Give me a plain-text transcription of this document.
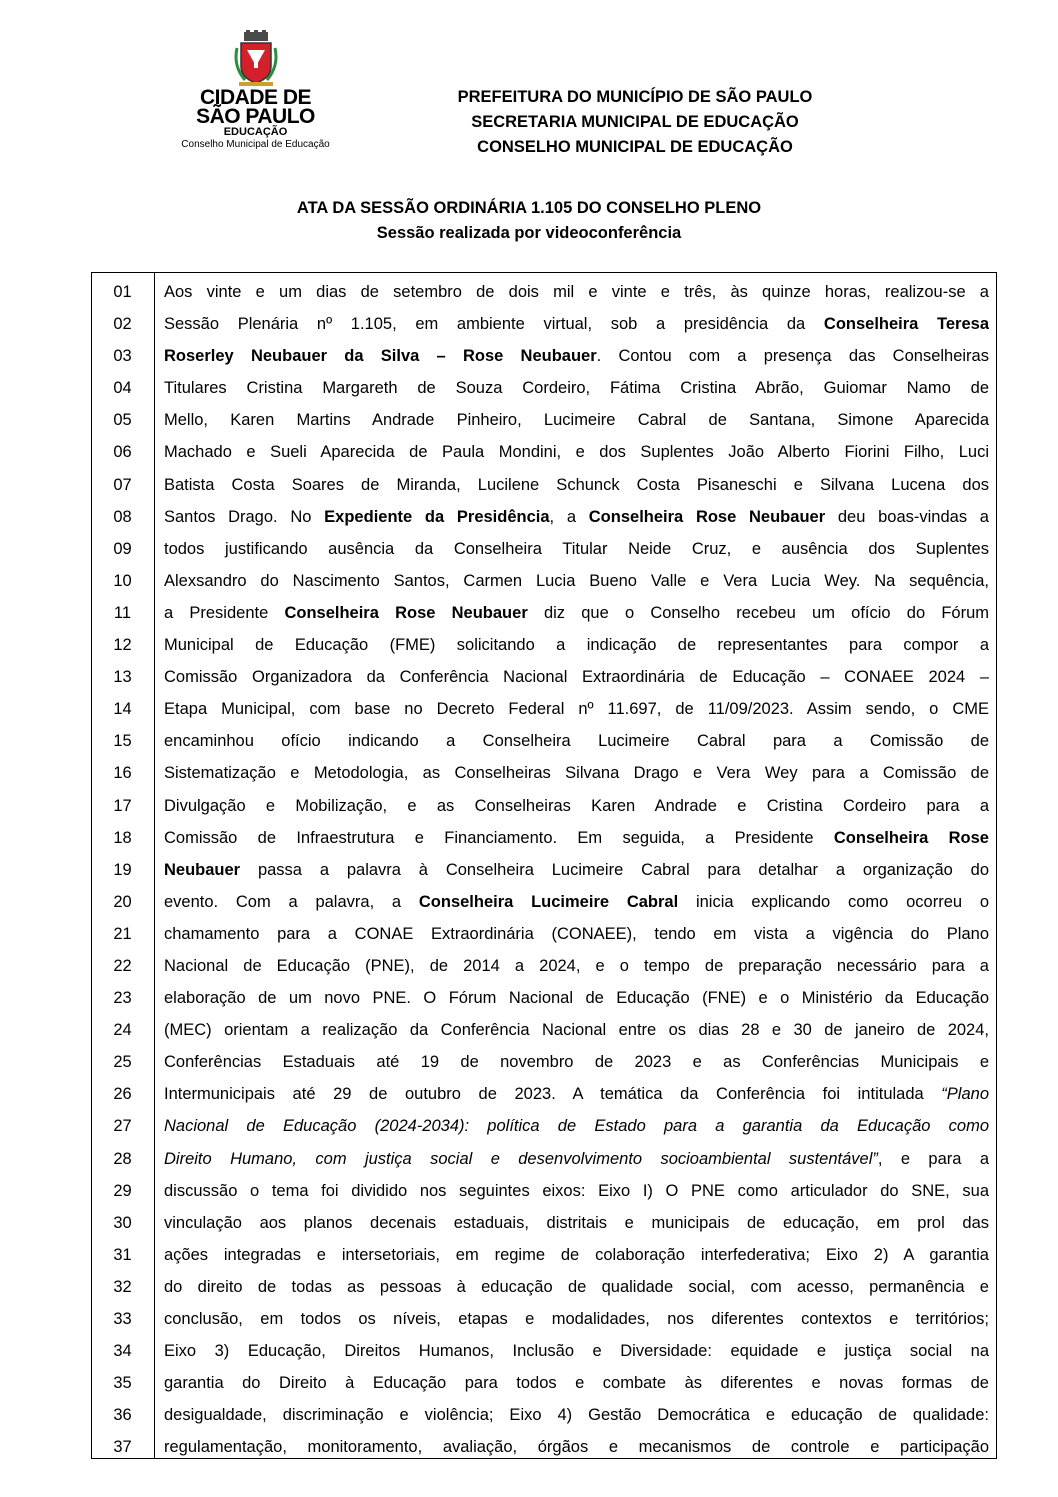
CIDADE DE
SÃO PAULO
EDUCAÇÃO
Conselho Municipal de Educação
PREFEITURA DO MUNICÍPIO DE SÃO PAULO
SECRETARIA MUNICIPAL DE EDUCAÇÃO
CONSELHO MUNICIPAL DE EDUCAÇÃO
ATA DA SESSÃO ORDINÁRIA 1.105 DO CONSELHO PLENO
Sessão realizada por videoconferência
01
02
03
04
05
06
07
08
09
10
11
12
13
14
15
16
17
18
19
20
21
22
23
24
25
26
27
28
29
30
31
32
33
34
35
36
37
Aos vinte e um dias de setembro de dois mil e vinte e três, às quinze horas, realizou-se a
Sessão Plenária nº 1.105, em ambiente virtual, sob a presidência da Conselheira Teresa
Roserley Neubauer da Silva – Rose Neubauer. Contou com a presença das Conselheiras
Titulares Cristina Margareth de Souza Cordeiro, Fátima Cristina Abrão, Guiomar Namo de
Mello, Karen Martins Andrade Pinheiro, Lucimeire Cabral de Santana, Simone Aparecida
Machado e Sueli Aparecida de Paula Mondini, e dos Suplentes João Alberto Fiorini Filho, Luci
Batista Costa Soares de Miranda, Lucilene Schunck Costa Pisaneschi e Silvana Lucena dos
Santos Drago. No Expediente da Presidência, a Conselheira Rose Neubauer deu boas-vindas a
todos justificando ausência da Conselheira Titular Neide Cruz, e ausência dos Suplentes
Alexsandro do Nascimento Santos, Carmen Lucia Bueno Valle e Vera Lucia Wey. Na sequência,
a Presidente Conselheira Rose Neubauer diz que o Conselho recebeu um ofício do Fórum
Municipal de Educação (FME) solicitando a indicação de representantes para compor a
Comissão Organizadora da Conferência Nacional Extraordinária de Educação – CONAEE 2024 –
Etapa Municipal, com base no Decreto Federal nº 11.697, de 11/09/2023. Assim sendo, o CME
encaminhou ofício indicando a Conselheira Lucimeire Cabral para a Comissão de
Sistematização e Metodologia, as Conselheiras Silvana Drago e Vera Wey para a Comissão de
Divulgação e Mobilização, e as Conselheiras Karen Andrade e Cristina Cordeiro para a
Comissão de Infraestrutura e Financiamento. Em seguida, a Presidente Conselheira Rose
Neubauer passa a palavra à Conselheira Lucimeire Cabral para detalhar a organização do
evento. Com a palavra, a Conselheira Lucimeire Cabral inicia explicando como ocorreu o
chamamento para a CONAE Extraordinária (CONAEE), tendo em vista a vigência do Plano
Nacional de Educação (PNE), de 2014 a 2024, e o tempo de preparação necessário para a
elaboração de um novo PNE. O Fórum Nacional de Educação (FNE) e o Ministério da Educação
(MEC) orientam a realização da Conferência Nacional entre os dias 28 e 30 de janeiro de 2024,
Conferências Estaduais até 19 de novembro de 2023 e as Conferências Municipais e
Intermunicipais até 29 de outubro de 2023. A temática da Conferência foi intitulada “Plano
Nacional de Educação (2024-2034): política de Estado para a garantia da Educação como
Direito Humano, com justiça social e desenvolvimento socioambiental sustentável”, e para a
discussão o tema foi dividido nos seguintes eixos: Eixo I) O PNE como articulador do SNE, sua
vinculação aos planos decenais estaduais, distritais e municipais de educação, em prol das
ações integradas e intersetoriais, em regime de colaboração interfederativa; Eixo 2) A garantia
do direito de todas as pessoas à educação de qualidade social, com acesso, permanência e
conclusão, em todos os níveis, etapas e modalidades, nos diferentes contextos e territórios;
Eixo 3) Educação, Direitos Humanos, Inclusão e Diversidade: equidade e justiça social na
garantia do Direito à Educação para todos e combate às diferentes e novas formas de
desigualdade, discriminação e violência; Eixo 4) Gestão Democrática e educação de qualidade:
regulamentação, monitoramento, avaliação, órgãos e mecanismos de controle e participação
